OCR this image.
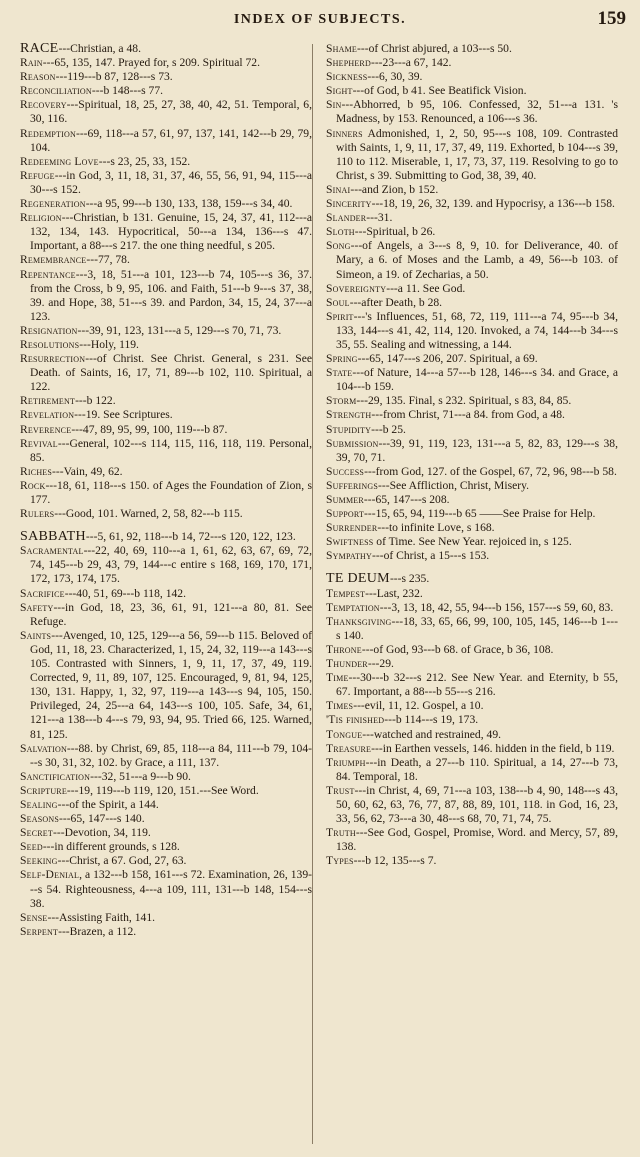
INDEX OF SUBJECTS.	159

RACE---Christian, a 48.

Rain---65, 135, 147. Prayed for, s 209. Spiritual 72.

Reason---119---b 87, 128---s 73.

Reconciliation---b 148---s 77.

Recovery---Spiritual, 18, 25, 27, 38, 40, 42, 51. Temporal, 6, 30, 116.

Redemption---69, 118---a 57, 61, 97, 137, 141, 142---b 29, 79, 104.

Redeeming Love---s 23, 25, 33, 152.

Refuge---in God, 3, 11, 18, 31, 37, 46, 55, 56, 91, 94, 115---a 30---s 152.

Regeneration---a 95, 99---b 130, 133, 138, 159---s 34, 40.

Religion---Christian, b 131. Genuine, 15, 24, 37, 41, 112---a 132, 134, 143. Hypocritical, 50---a 134, 136---s 47. Important, a 88---s 217. the one thing needful, s 205.

Remembrance---77, 78.

Repentance---3, 18, 51---a 101, 123---b 74, 105---s 36, 37. from the Cross, b 9, 95, 106. and Faith, 51---b 9---s 37, 38, 39. and Hope, 38, 51---s 39. and Pardon, 34, 15, 24, 37---a 123.

Resignation---39, 91, 123, 131---a 5, 129---s 70, 71, 73.

Resolutions---Holy, 119.

Resurrection---of Christ. See Christ. General, s 231. See Death. of Saints, 16, 17, 71, 89---b 102, 110. Spiritual, a 122.

Retirement---b 122.

Revelation---19. See Scriptures.

Reverence---47, 89, 95, 99, 100, 119---b 87.

Revival---General, 102---s 114, 115, 116, 118, 119. Personal, 85.

Riches---Vain, 49, 62.

Rock---18, 61, 118---s 150. of Ages the Foundation of Zion, s 177.

Rulers---Good, 101. Warned, 2, 58, 82---b 115.

SABBATH---5, 61, 92, 118---b 14, 72---s 120, 122, 123.

Sacramental---22, 40, 69, 110---a 1, 61, 62, 63, 67, 69, 72, 74, 145---b 29, 43, 79, 144---c entire s 168, 169, 170, 171, 172, 173, 174, 175.

Sacrifice---40, 51, 69---b 118, 142.

Safety---in God, 18, 23, 36, 61, 91, 121---a 80, 81. See Refuge.

Saints---Avenged, 10, 125, 129---a 56, 59---b 115. Beloved of God, 11, 18, 23. Characterized, 1, 15, 24, 32, 119---a 143---s 105. Contrasted with Sinners, 1, 9, 11, 17, 37, 49, 119. Corrected, 9, 11, 89, 107, 125. Encouraged, 9, 81, 94, 125, 130, 131. Happy, 1, 32, 97, 119---a 143---s 94, 105, 150. Privileged, 24, 25---a 64, 143---s 100, 105. Safe, 34, 61, 121---a 138---b 4---s 79, 93, 94, 95. Tried 66, 125. Warned, 81, 125.

Salvation---88. by Christ, 69, 85, 118---a 84, 111---b 79, 104---s 30, 31, 32, 102. by Grace, a 111, 137.

Sanctification---32, 51---a 9---b 90.

Scripture---19, 119---b 119, 120, 151.---See Word.

Sealing---of the Spirit, a 144.

Seasons---65, 147---s 140.

Secret---Devotion, 34, 119.

Seed---in different grounds, s 128.

Seeking---Christ, a 67. God, 27, 63.

Self-Denial, a 132---b 158, 161---s 72. Examination, 26, 139---s 54. Righteousness, 4---a 109, 111, 131---b 148, 154---s 38.

Sense---Assisting Faith, 141.

Serpent---Brazen, a 112.

Shame---of Christ abjured, a 103---s 50.

Shepherd---23---a 67, 142.

Sickness---6, 30, 39.

Sight---of God, b 41. See Beatifick Vision.

Sin---Abhorred, b 95, 106. Confessed, 32, 51---a 131. 's Madness, by 153. Renounced, a 106---s 36.

Sinners Admonished, 1, 2, 50, 95---s 108, 109. Contrasted with Saints, 1, 9, 11, 17, 37, 49, 119. Exhorted, b 104---s 39, 110 to 112. Miserable, 1, 17, 73, 37, 119. Resolving to go to Christ, s 39. Submitting to God, 38, 39, 40.

Sinai---and Zion, b 152.

Sincerity---18, 19, 26, 32, 139. and Hypocrisy, a 136---b 158.

Slander---31.

Sloth---Spiritual, b 26.

Song---of Angels, a 3---s 8, 9, 10. for Deliverance, 40. of Mary, a 6. of Moses and the Lamb, a 49, 56---b 103. of Simeon, a 19. of Zecharias, a 50.

Sovereignty---a 11. See God.

Soul---after Death, b 28.

Spirit---'s Influences, 51, 68, 72, 119, 111---a 74, 95---b 34, 133, 144---s 41, 42, 114, 120. Invoked, a 74, 144---b 34---s 35, 55. Sealing and witnessing, a 144.

Spring---65, 147---s 206, 207. Spiritual, a 69.

State---of Nature, 14---a 57---b 128, 146---s 34. and Grace, a 104---b 159.

Storm---29, 135. Final, s 232. Spiritual, s 83, 84, 85.

Strength---from Christ, 71---a 84. from God, a 48.

Stupidity---b 25.

Submission---39, 91, 119, 123, 131---a 5, 82, 83, 129---s 38, 39, 70, 71.

Success---from God, 127. of the Gospel, 67, 72, 96, 98---b 58.

Sufferings---See Affliction, Christ, Misery.

Summer---65, 147---s 208.

Support---15, 65, 94, 119---b 65 ——See Praise for Help.

Surrender---to infinite Love, s 168.

Swiftness of Time. See New Year. rejoiced in, s 125.

Sympathy---of Christ, a 15---s 153.

TE DEUM---s 235.

Tempest---Last, 232.

Temptation---3, 13, 18, 42, 55, 94---b 156, 157---s 59, 60, 83.

Thanksgiving---18, 33, 65, 66, 99, 100, 105, 145, 146---b 1---s 140.

Throne---of God, 93---b 68. of Grace, b 36, 108.

Thunder---29.

Time---30---b 32---s 212. See New Year. and Eternity, b 55, 67. Important, a 88---b 55---s 216.

Times---evil, 11, 12. Gospel, a 10.

'Tis finished---b 114---s 19, 173.

Tongue---watched and restrained, 49.

Treasure---in Earthen vessels, 146. hidden in the field, b 119.

Triumph---in Death, a 27---b 110. Spiritual, a 14, 27---b 73, 84. Temporal, 18.

Trust---in Christ, 4, 69, 71---a 103, 138---b 4, 90, 148---s 43, 50, 60, 62, 63, 76, 77, 87, 88, 89, 101, 118. in God, 16, 23, 33, 56, 62, 73---a 30, 48---s 68, 70, 71, 74, 75.

Truth---See God, Gospel, Promise, Word. and Mercy, 57, 89, 138.

Types---b 12, 135---s 7.
